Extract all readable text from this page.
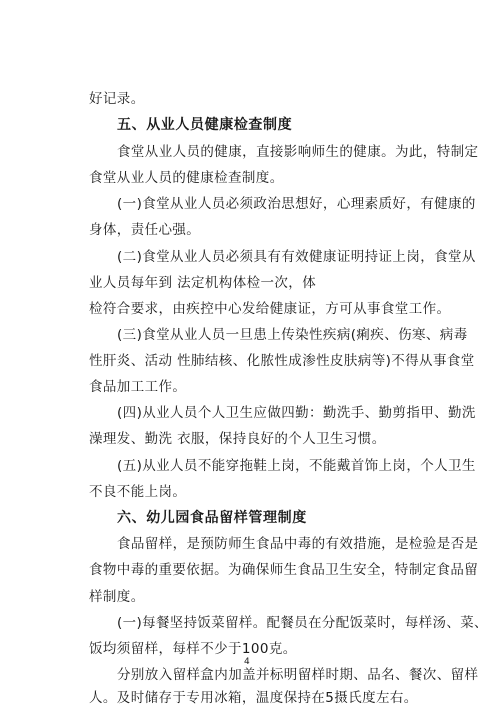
好记录。
五、从业人员健康检查制度
食堂从业人员的健康，直接影响师生的健康。为此，特制定
食堂从业人员的健康检查制度。
(一)食堂从业人员必须政治思想好，心理素质好，有健康的
身体，责任心强。
(二)食堂从业人员必须具有有效健康证明持证上岗，食堂从
业人员每年到 法定机构体检一次，体
检符合要求，由疾控中心发给健康证，方可从事食堂工作。
(三)食堂从业人员一旦患上传染性疾病(痢疾、伤寒、病毒
性肝炎、活动 性肺结核、化脓性成渗性皮肤病等)不得从事食堂
食品加工工作。
(四)从业人员个人卫生应做四勤：勤洗手、勤剪指甲、勤洗
澡理发、勤洗 衣服，保持良好的个人卫生习惯。
(五)从业人员不能穿拖鞋上岗，不能戴首饰上岗，个人卫生
不良不能上岗。
六、幼儿园食品留样管理制度
食品留样，是预防师生食品中毒的有效措施，是检验是否是
食物中毒的重要依据。为确保师生食品卫生安全，特制定食品留
样制度。
(一)每餐坚持饭菜留样。配餐员在分配饭菜时，每样汤、菜、
饭均须留样，每样不少于100克。
分别放入留样盒内加盖并标明留样时期、品名、餐次、留样
人。及时储存于专用冰箱，温度保持在5摄氏度左右。
4
